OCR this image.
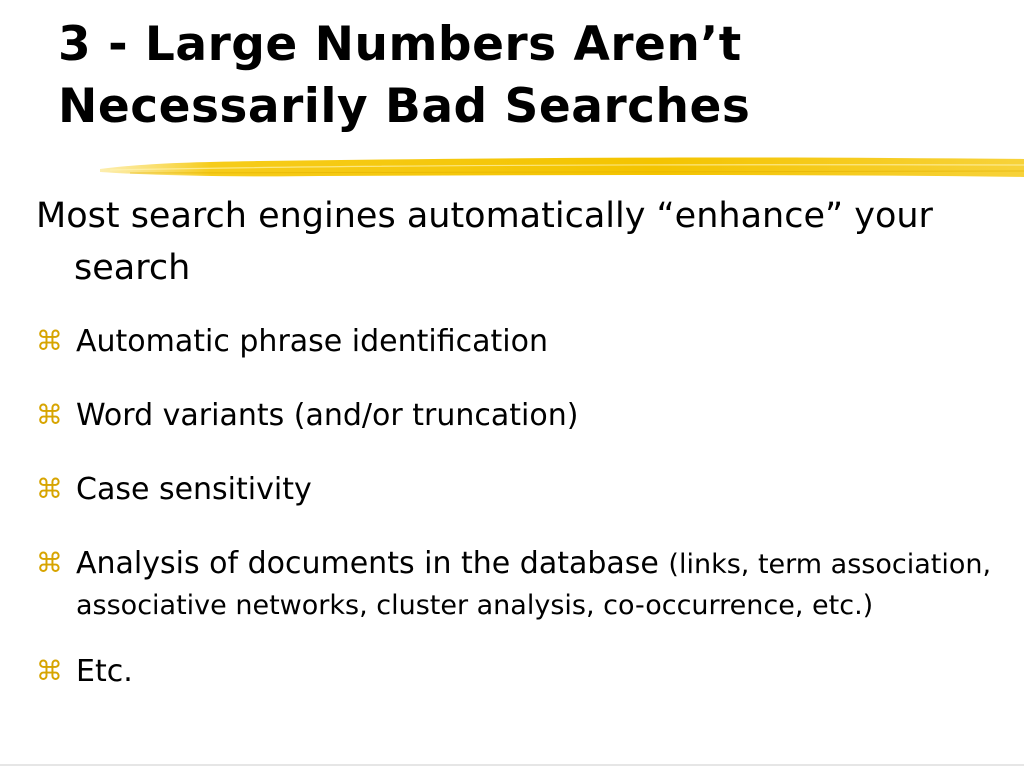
3 - Large Numbers Aren’t
Necessarily Bad Searches

Most search engines automatically “enhance” your search

⌘ Automatic phrase identification
⌘ Word variants (and/or truncation)
⌘ Case sensitivity
⌘ Analysis of documents in the database (links, term association, associative networks, cluster analysis, co-occurrence, etc.)
⌘ Etc.
